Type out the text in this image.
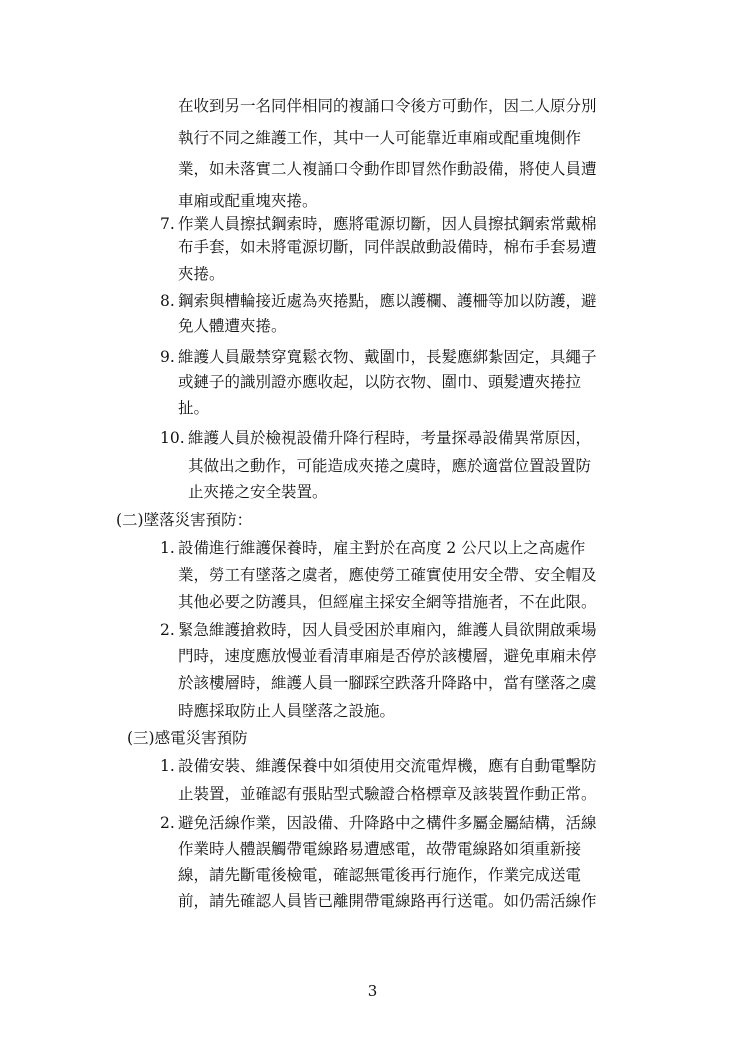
在收到另一名同伴相同的複誦口令後方可動作，因二人原分別
執行不同之維護工作，其中一人可能靠近車廂或配重塊側作
業，如未落實二人複誦口令動作即冒然作動設備，將使人員遭
車廂或配重塊夾捲。
7. 作業人員擦拭鋼索時，應將電源切斷，因人員擦拭鋼索常戴棉
布手套，如未將電源切斷，同伴誤啟動設備時，棉布手套易遭
夾捲。
8. 鋼索與槽輪接近處為夾捲點，應以護欄、護柵等加以防護，避
免人體遭夾捲。
9. 維護人員嚴禁穿寬鬆衣物、戴圍巾，長髮應綁紮固定，具繩子
或鏈子的識別證亦應收起，以防衣物、圍巾、頭髮遭夾捲拉
扯。
10. 維護人員於檢視設備升降行程時，考量探尋設備異常原因，
其做出之動作，可能造成夾捲之虞時，應於適當位置設置防
止夾捲之安全裝置。
(二)墜落災害預防：
1. 設備進行維護保養時，雇主對於在高度 2 公尺以上之高處作
業，勞工有墜落之虞者，應使勞工確實使用安全帶、安全帽及
其他必要之防護具，但經雇主採安全網等措施者，不在此限。
2. 緊急維護搶救時，因人員受困於車廂內，維護人員欲開啟乘場
門時，速度應放慢並看清車廂是否停於該樓層，避免車廂未停
於該樓層時，維護人員一腳踩空跌落升降路中，當有墜落之虞
時應採取防止人員墜落之設施。
(三)感電災害預防
1. 設備安裝、維護保養中如須使用交流電焊機，應有自動電擊防
止裝置，並確認有張貼型式驗證合格標章及該裝置作動正常。
2. 避免活線作業，因設備、升降路中之構件多屬金屬結構，活線
作業時人體誤觸帶電線路易遭感電，故帶電線路如須重新接
線，請先斷電後檢電，確認無電後再行施作，作業完成送電
前，請先確認人員皆已離開帶電線路再行送電。如仍需活線作
3
